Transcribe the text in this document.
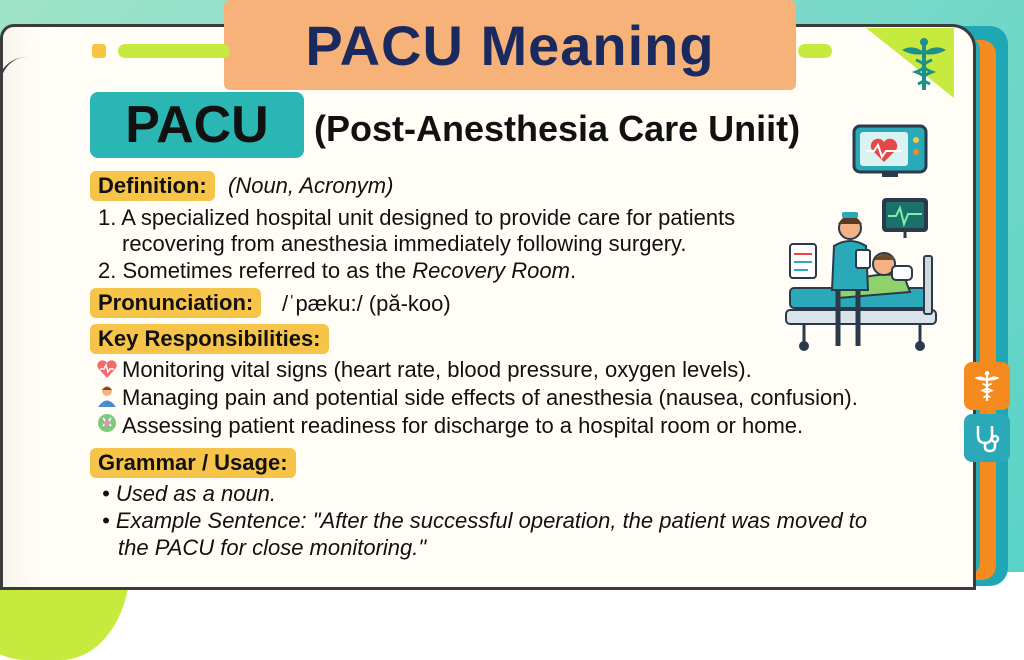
PACU Meaning
PACU (Post-Anesthesia Care Uniit)
Definition: (Noun, Acronym)
1. A specialized hospital unit designed to provide care for patients
recovering from anesthesia immediately following surgery.
2. Sometimes referred to as the Recovery Room.
Pronunciation:	/ˈpæku:/ (pă-koo)
Key Responsibilities:
Monitoring vital signs (heart rate, blood pressure, oxygen levels).
Managing pain and potential side effects of anesthesia (nausea, confusion).
Assessing patient readiness for discharge to a hospital room or home.
Grammar / Usage:
• Used as a noun.
• Example Sentence: "After the successful operation, the patient was moved to
the PACU for close monitoring."
